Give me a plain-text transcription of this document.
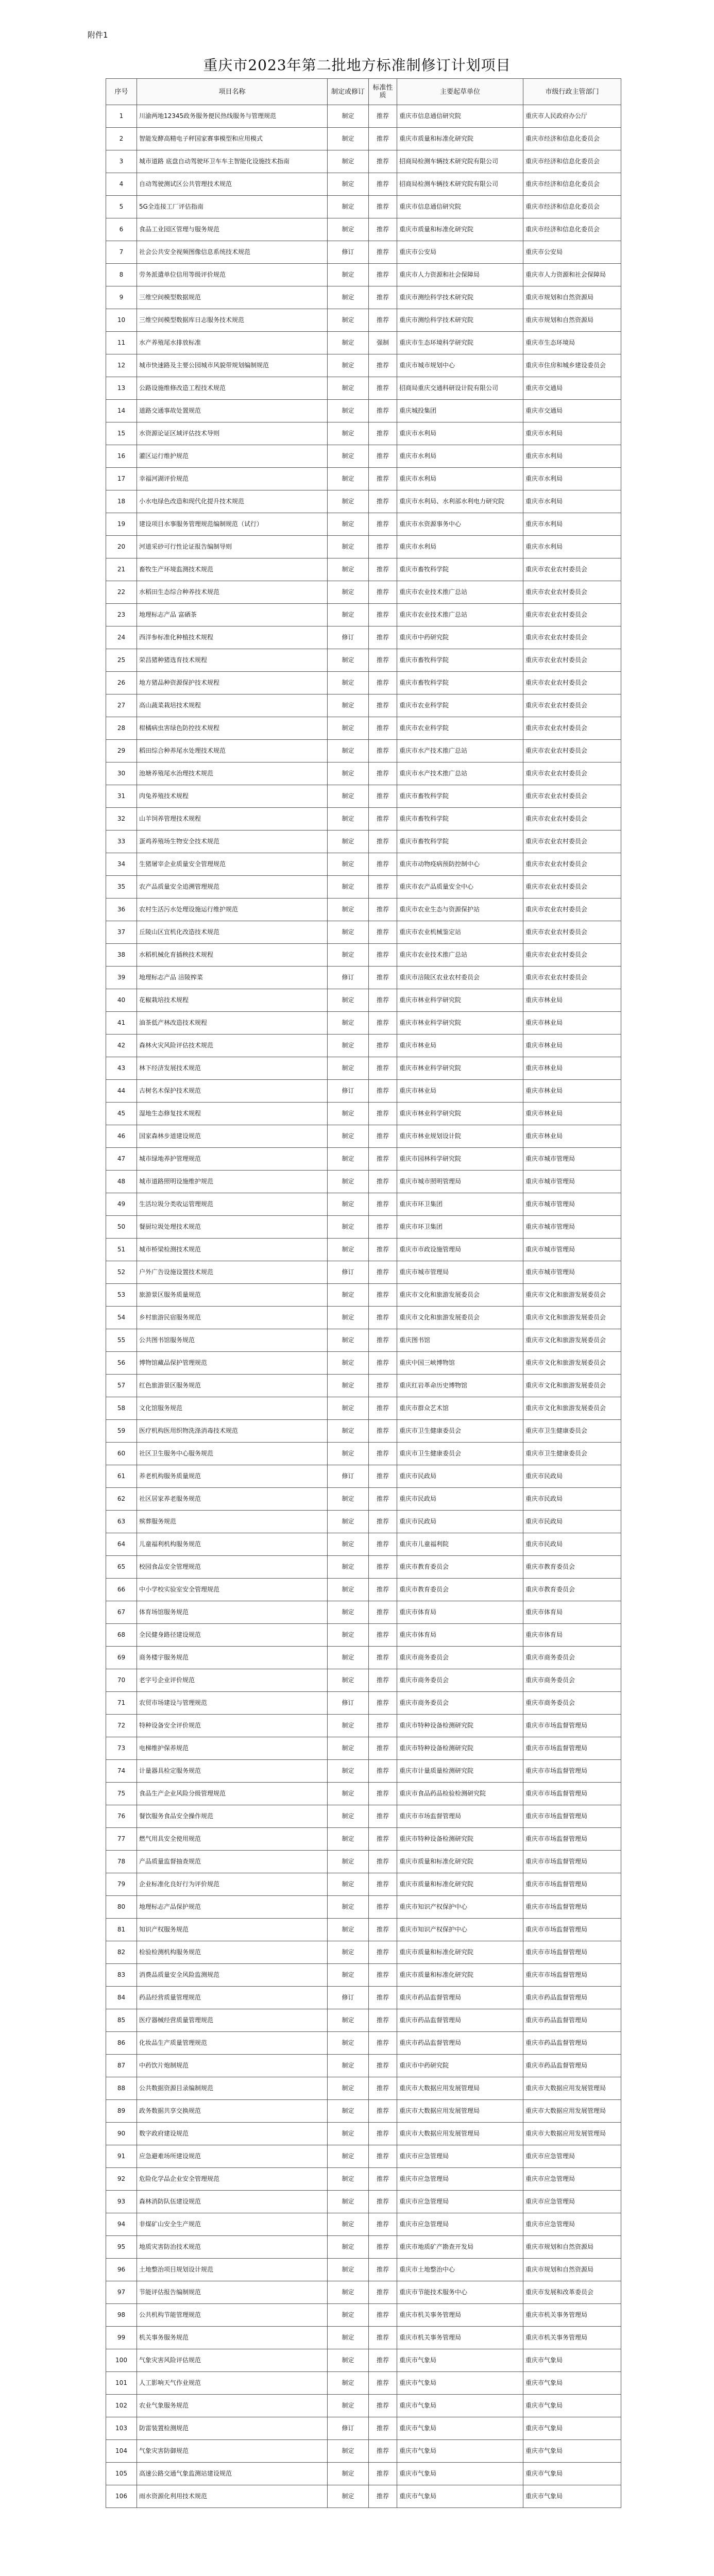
附件1
重庆市2023年第二批地方标准制修订计划项目
序号	项目名称	制定或修订	标准性质	主要起草单位	市级行政主管部门
1	川渝两地12345政务服务便民热线服务与管理规范	制定	推荐	重庆市信息通信研究院	重庆市人民政府办公厅
2	智能发酵高精电子秤国家赛事模型和应用模式	制定	推荐	重庆市质量和标准化研究院	重庆市经济和信息化委员会
3	城市道路 底盘自动驾驶环卫车车主智能化设施技术指南	制定	推荐	招商局检测车辆技术研究院有限公司	重庆市经济和信息化委员会
4	自动驾驶测试区公共管理技术规范	制定	推荐	招商局检测车辆技术研究院有限公司	重庆市经济和信息化委员会
5	5G全连接工厂评估指南	制定	推荐	重庆市信息通信研究院	重庆市经济和信息化委员会
6	食品工业园区管理与服务规范	制定	推荐	重庆市质量和标准化研究院	重庆市经济和信息化委员会
7	社会公共安全视频图像信息系统技术规范	修订	推荐	重庆市公安局	重庆市公安局
8	劳务派遣单位信用等级评价规范	制定	推荐	重庆市人力资源和社会保障局	重庆市人力资源和社会保障局
9	三维空间模型数据规范	制定	推荐	重庆市测绘科学技术研究院	重庆市规划和自然资源局
10	三维空间模型数据库日志服务技术规范	制定	推荐	重庆市测绘科学技术研究院	重庆市规划和自然资源局
11	水产养殖尾水排放标准	制定	强制	重庆市生态环境科学研究院	重庆市生态环境局
12	城市快速路及主要公园城市风貌带规划编制规范	制定	推荐	重庆市城市规划中心	重庆市住房和城乡建设委员会
13	公路设施维修改造工程技术规范	制定	推荐	招商局重庆交通科研设计院有限公司	重庆市交通局
14	道路交通事故处置规范	制定	推荐	重庆城投集团	重庆市交通局
15	水资源论证区域评估技术导则	制定	推荐	重庆市水利局	重庆市水利局
16	灌区运行维护规范	制定	推荐	重庆市水利局	重庆市水利局
17	幸福河湖评价规范	制定	推荐	重庆市水利局	重庆市水利局
18	小水电绿色改造和现代化提升技术规范	制定	推荐	重庆市水利局、水利部水利电力研究院	重庆市水利局
19	建设项目水事服务管理规范编制规范（试行）	制定	推荐	重庆市水资源事务中心	重庆市水利局
20	河道采砂可行性论证报告编制导则	制定	推荐	重庆市水利局	重庆市水利局
21	畜牧生产环境监测技术规范	制定	推荐	重庆市畜牧科学院	重庆市农业农村委员会
22	水稻田生态综合种养技术规范	制定	推荐	重庆市农业技术推广总站	重庆市农业农村委员会
23	地理标志产品 富硒茶	制定	推荐	重庆市农业技术推广总站	重庆市农业农村委员会
24	西洋参标准化种植技术规程	修订	推荐	重庆市中药研究院	重庆市农业农村委员会
25	荣昌猪种猪选育技术规程	制定	推荐	重庆市畜牧科学院	重庆市农业农村委员会
26	地方猪品种资源保护技术规程	制定	推荐	重庆市畜牧科学院	重庆市农业农村委员会
27	高山蔬菜栽培技术规程	制定	推荐	重庆市农业科学院	重庆市农业农村委员会
28	柑橘病虫害绿色防控技术规程	制定	推荐	重庆市农业科学院	重庆市农业农村委员会
29	稻田综合种养尾水处理技术规范	制定	推荐	重庆市水产技术推广总站	重庆市农业农村委员会
30	池塘养殖尾水治理技术规范	制定	推荐	重庆市水产技术推广总站	重庆市农业农村委员会
31	肉兔养殖技术规程	制定	推荐	重庆市畜牧科学院	重庆市农业农村委员会
32	山羊饲养管理技术规程	制定	推荐	重庆市畜牧科学院	重庆市农业农村委员会
33	蛋鸡养殖场生物安全技术规范	制定	推荐	重庆市畜牧科学院	重庆市农业农村委员会
34	生猪屠宰企业质量安全管理规范	制定	推荐	重庆市动物疫病预防控制中心	重庆市农业农村委员会
35	农产品质量安全追溯管理规范	制定	推荐	重庆市农产品质量安全中心	重庆市农业农村委员会
36	农村生活污水处理设施运行维护规范	制定	推荐	重庆市农业生态与资源保护站	重庆市农业农村委员会
37	丘陵山区宜机化改造技术规范	制定	推荐	重庆市农业机械鉴定站	重庆市农业农村委员会
38	水稻机械化育插秧技术规程	制定	推荐	重庆市农业技术推广总站	重庆市农业农村委员会
39	地理标志产品 涪陵榨菜	修订	推荐	重庆市涪陵区农业农村委员会	重庆市农业农村委员会
40	花椒栽培技术规程	制定	推荐	重庆市林业科学研究院	重庆市林业局
41	油茶低产林改造技术规程	制定	推荐	重庆市林业科学研究院	重庆市林业局
42	森林火灾风险评估技术规范	制定	推荐	重庆市林业局	重庆市林业局
43	林下经济发展技术规范	制定	推荐	重庆市林业科学研究院	重庆市林业局
44	古树名木保护技术规范	修订	推荐	重庆市林业局	重庆市林业局
45	湿地生态修复技术规程	制定	推荐	重庆市林业科学研究院	重庆市林业局
46	国家森林步道建设规范	制定	推荐	重庆市林业规划设计院	重庆市林业局
47	城市绿地养护管理规范	制定	推荐	重庆市园林科学研究院	重庆市城市管理局
48	城市道路照明设施维护规范	制定	推荐	重庆市城市照明管理局	重庆市城市管理局
49	生活垃圾分类收运管理规范	制定	推荐	重庆市环卫集团	重庆市城市管理局
50	餐厨垃圾处理技术规范	制定	推荐	重庆市环卫集团	重庆市城市管理局
51	城市桥梁检测技术规范	制定	推荐	重庆市市政设施管理局	重庆市城市管理局
52	户外广告设施设置技术规范	修订	推荐	重庆市城市管理局	重庆市城市管理局
53	旅游景区服务质量规范	制定	推荐	重庆市文化和旅游发展委员会	重庆市文化和旅游发展委员会
54	乡村旅游民宿服务规范	制定	推荐	重庆市文化和旅游发展委员会	重庆市文化和旅游发展委员会
55	公共图书馆服务规范	制定	推荐	重庆图书馆	重庆市文化和旅游发展委员会
56	博物馆藏品保护管理规范	制定	推荐	重庆中国三峡博物馆	重庆市文化和旅游发展委员会
57	红色旅游景区服务规范	制定	推荐	重庆红岩革命历史博物馆	重庆市文化和旅游发展委员会
58	文化馆服务规范	制定	推荐	重庆市群众艺术馆	重庆市文化和旅游发展委员会
59	医疗机构医用织物洗涤消毒技术规范	制定	推荐	重庆市卫生健康委员会	重庆市卫生健康委员会
60	社区卫生服务中心服务规范	制定	推荐	重庆市卫生健康委员会	重庆市卫生健康委员会
61	养老机构服务质量规范	修订	推荐	重庆市民政局	重庆市民政局
62	社区居家养老服务规范	制定	推荐	重庆市民政局	重庆市民政局
63	殡葬服务规范	制定	推荐	重庆市民政局	重庆市民政局
64	儿童福利机构服务规范	制定	推荐	重庆市儿童福利院	重庆市民政局
65	校园食品安全管理规范	制定	推荐	重庆市教育委员会	重庆市教育委员会
66	中小学校实验室安全管理规范	制定	推荐	重庆市教育委员会	重庆市教育委员会
67	体育场馆服务规范	制定	推荐	重庆市体育局	重庆市体育局
68	全民健身路径建设规范	制定	推荐	重庆市体育局	重庆市体育局
69	商务楼宇服务规范	制定	推荐	重庆市商务委员会	重庆市商务委员会
70	老字号企业评价规范	制定	推荐	重庆市商务委员会	重庆市商务委员会
71	农贸市场建设与管理规范	修订	推荐	重庆市商务委员会	重庆市商务委员会
72	特种设备安全评价规范	制定	推荐	重庆市特种设备检测研究院	重庆市市场监督管理局
73	电梯维护保养规范	制定	推荐	重庆市特种设备检测研究院	重庆市市场监督管理局
74	计量器具检定服务规范	制定	推荐	重庆市计量质量检测研究院	重庆市市场监督管理局
75	食品生产企业风险分级管理规范	制定	推荐	重庆市食品药品检验检测研究院	重庆市市场监督管理局
76	餐饮服务食品安全操作规范	制定	推荐	重庆市市场监督管理局	重庆市市场监督管理局
77	燃气用具安全使用规范	制定	推荐	重庆市特种设备检测研究院	重庆市市场监督管理局
78	产品质量监督抽查规范	制定	推荐	重庆市质量和标准化研究院	重庆市市场监督管理局
79	企业标准化良好行为评价规范	制定	推荐	重庆市质量和标准化研究院	重庆市市场监督管理局
80	地理标志产品保护规范	制定	推荐	重庆市知识产权保护中心	重庆市市场监督管理局
81	知识产权服务规范	制定	推荐	重庆市知识产权保护中心	重庆市市场监督管理局
82	检验检测机构服务规范	制定	推荐	重庆市质量和标准化研究院	重庆市市场监督管理局
83	消费品质量安全风险监测规范	制定	推荐	重庆市质量和标准化研究院	重庆市市场监督管理局
84	药品经营质量管理规范	修订	推荐	重庆市药品监督管理局	重庆市药品监督管理局
85	医疗器械经营质量管理规范	制定	推荐	重庆市药品监督管理局	重庆市药品监督管理局
86	化妆品生产质量管理规范	制定	推荐	重庆市药品监督管理局	重庆市药品监督管理局
87	中药饮片炮制规范	制定	推荐	重庆市中药研究院	重庆市药品监督管理局
88	公共数据资源目录编制规范	制定	推荐	重庆市大数据应用发展管理局	重庆市大数据应用发展管理局
89	政务数据共享交换规范	制定	推荐	重庆市大数据应用发展管理局	重庆市大数据应用发展管理局
90	数字政府建设规范	制定	推荐	重庆市大数据应用发展管理局	重庆市大数据应用发展管理局
91	应急避难场所建设规范	制定	推荐	重庆市应急管理局	重庆市应急管理局
92	危险化学品企业安全管理规范	制定	推荐	重庆市应急管理局	重庆市应急管理局
93	森林消防队伍建设规范	制定	推荐	重庆市应急管理局	重庆市应急管理局
94	非煤矿山安全生产规范	制定	推荐	重庆市应急管理局	重庆市应急管理局
95	地质灾害防治技术规范	制定	推荐	重庆市地质矿产勘查开发局	重庆市规划和自然资源局
96	土地整治项目规划设计规范	制定	推荐	重庆市土地整治中心	重庆市规划和自然资源局
97	节能评估报告编制规范	制定	推荐	重庆市节能技术服务中心	重庆市发展和改革委员会
98	公共机构节能管理规范	制定	推荐	重庆市机关事务管理局	重庆市机关事务管理局
99	机关事务服务规范	制定	推荐	重庆市机关事务管理局	重庆市机关事务管理局
100	气象灾害风险评估规范	制定	推荐	重庆市气象局	重庆市气象局
101	人工影响天气作业规范	制定	推荐	重庆市气象局	重庆市气象局
102	农业气象服务规范	制定	推荐	重庆市气象局	重庆市气象局
103	防雷装置检测规范	修订	推荐	重庆市气象局	重庆市气象局
104	气象灾害防御规范	制定	推荐	重庆市气象局	重庆市气象局
105	高速公路交通气象监测站建设规范	制定	推荐	重庆市气象局	重庆市气象局
106	雨水资源化利用技术规范	制定	推荐	重庆市气象局	重庆市气象局
